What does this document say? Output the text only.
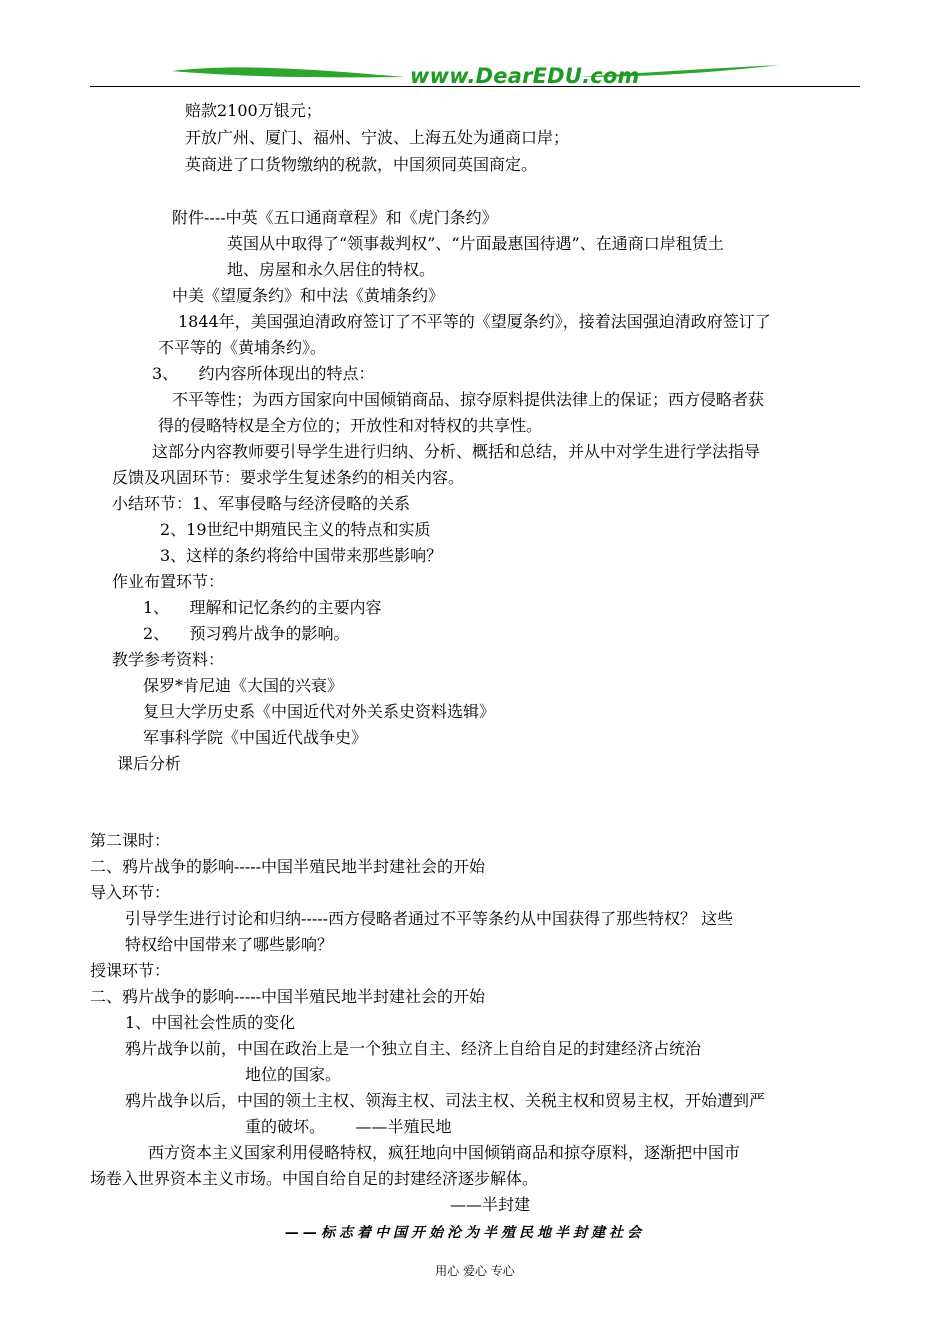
www.DearEDU.com
赔款2100万银元；
开放广州、厦门、福州、宁波、上海五处为通商口岸；
英商进了口货物缴纳的税款，中国须同英国商定。
附件----中英《五口通商章程》和《虎门条约》
英国从中取得了“领事裁判权”、“片面最惠国待遇”、在通商口岸租赁土
地、房屋和永久居住的特权。
中美《望厦条约》和中法《黄埔条约》
1844年，美国强迫清政府签订了不平等的《望厦条约》，接着法国强迫清政府签订了
不平等的《黄埔条约》。
3、    约内容所体现出的特点：
不平等性；为西方国家向中国倾销商品、掠夺原料提供法律上的保证；西方侵略者获
得的侵略特权是全方位的；开放性和对特权的共享性。
这部分内容教师要引导学生进行归纳、分析、概括和总结，并从中对学生进行学法指导
反馈及巩固环节：要求学生复述条约的相关内容。
小结环节：1、军事侵略与经济侵略的关系
2、19世纪中期殖民主义的特点和实质
3、这样的条约将给中国带来那些影响？
作业布置环节：
1、    理解和记忆条约的主要内容
2、    预习鸦片战争的影响。
教学参考资料：
保罗*肯尼迪《大国的兴衰》
复旦大学历史系《中国近代对外关系史资料选辑》
军事科学院《中国近代战争史》
课后分析
第二课时：
二、鸦片战争的影响-----中国半殖民地半封建社会的开始
导入环节：
引导学生进行讨论和归纳-----西方侵略者通过不平等条约从中国获得了那些特权？ 这些
特权给中国带来了哪些影响？
授课环节：
二、鸦片战争的影响-----中国半殖民地半封建社会的开始
1、中国社会性质的变化
鸦片战争以前，中国在政治上是一个独立自主、经济上自给自足的封建经济占统治
地位的国家。
鸦片战争以后，中国的领土主权、领海主权、司法主权、关税主权和贸易主权，开始遭到严
重的破坏。      ——半殖民地
西方资本主义国家利用侵略特权，疯狂地向中国倾销商品和掠夺原料，逐渐把中国市
场卷入世界资本主义市场。中国自给自足的封建经济逐步解体。
——半封建
——标志着中国开始沦为半殖民地半封建社会
用心 爱心 专心
